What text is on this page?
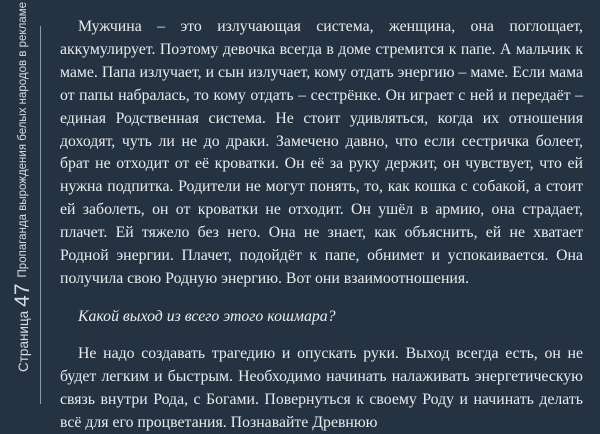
Страница
47
Пропаганда вырождения белых народов в рекламе	Мужчина – это излучающая система, женщина, она поглощает, аккумулирует. Поэтому девочка всегда в доме стремится к папе. А мальчик к маме. Папа излучает, и сын излучает, кому отдать энергию – маме. Если мама от папы набралась, то кому отдать – сестрёнке. Он играет с ней и передаёт – единая Родственная система. Не стоит удивляться, когда их отношения доходят, чуть ли не до драки. Замечено давно, что если сестричка болеет, брат не отходит от её кроватки. Он её за руку держит, он чувствует, что ей нужна подпитка. Родители не могут понять, то, как кошка с собакой, а стоит ей заболеть, он от кроватки не отходит. Он ушёл в армию, она страдает, плачет. Ей тяжело без него. Она не знает, как объяснить, ей не хватает Родной энергии. Плачет, подойдёт к папе, обнимет и успокаивается. Она получила свою Родную энергию. Вот они взаимоотношения.

Какой выход из всего этого кошмара?

Не надо создавать трагедию и опускать руки. Выход всегда есть, он не будет легким и быстрым. Необходимо начинать налаживать энергетическую связь внутри Рода, с Богами. Повернуться к своему Роду и начинать делать всё для его процветания. Познавайте Древнюю
